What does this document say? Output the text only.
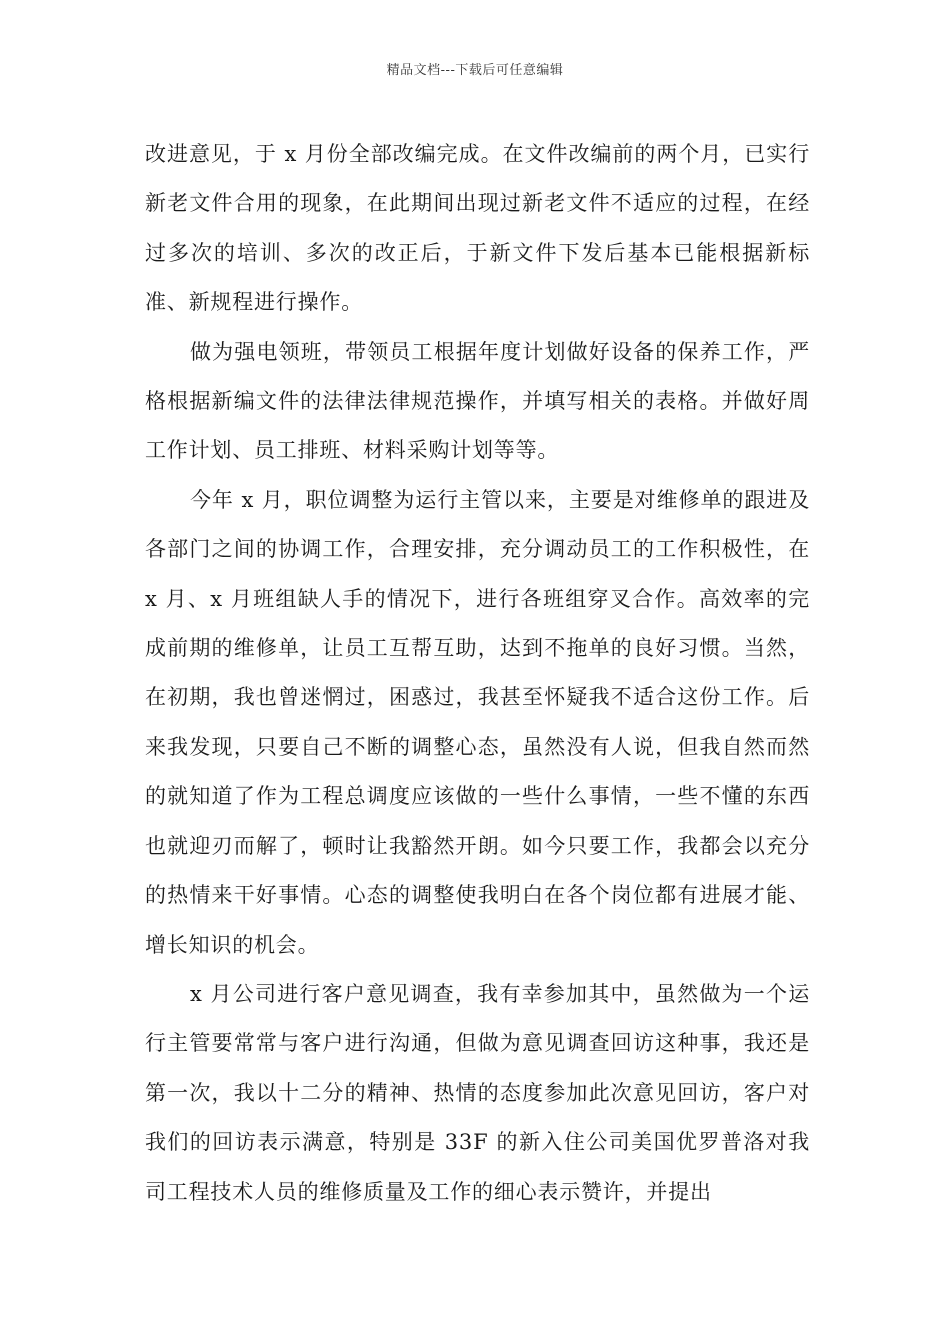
精品文档---下载后可任意编辑

改进意见，于 x 月份全部改编完成。在文件改编前的两个月，已实行新老文件合用的现象，在此期间出现过新老文件不适应的过程，在经过多次的培训、多次的改正后，于新文件下发后基本已能根据新标准、新规程进行操作。

做为强电领班，带领员工根据年度计划做好设备的保养工作，严格根据新编文件的法律法律规范操作，并填写相关的表格。并做好周工作计划、员工排班、材料采购计划等等。

今年 x 月，职位调整为运行主管以来，主要是对维修单的跟进及各部门之间的协调工作，合理安排，充分调动员工的工作积极性，在 x 月、x 月班组缺人手的情况下，进行各班组穿叉合作。高效率的完成前期的维修单，让员工互帮互助，达到不拖单的良好习惯。当然，在初期，我也曾迷惘过，困惑过，我甚至怀疑我不适合这份工作。后来我发现，只要自己不断的调整心态，虽然没有人说，但我自然而然的就知道了作为工程总调度应该做的一些什么事情，一些不懂的东西也就迎刃而解了，顿时让我豁然开朗。如今只要工作，我都会以充分的热情来干好事情。心态的调整使我明白在各个岗位都有进展才能、增长知识的机会。

x 月公司进行客户意见调查，我有幸参加其中，虽然做为一个运行主管要常常与客户进行沟通，但做为意见调查回访这种事，我还是第一次，我以十二分的精神、热情的态度参加此次意见回访，客户对我们的回访表示满意，特别是 33F 的新入住公司美国优罗普洛对我司工程技术人员的维修质量及工作的细心表示赞许，并提出
